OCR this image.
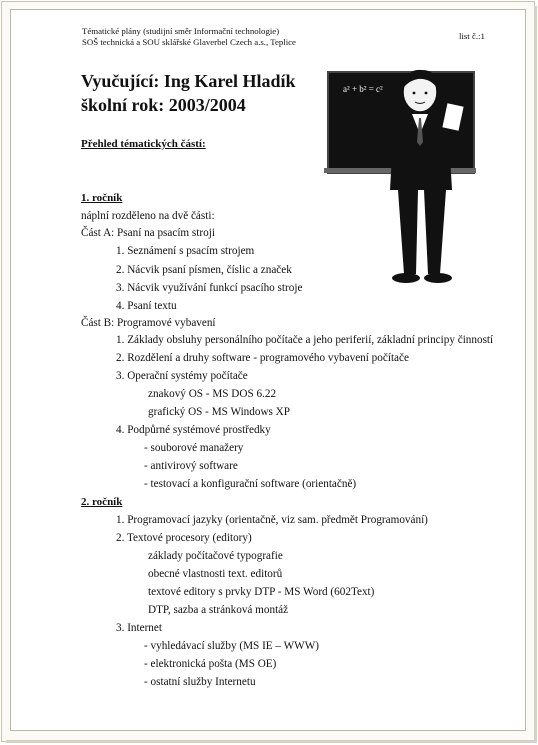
Tématické plány (studijní směr Informační technologie)
SOŠ technická a SOU sklářské Glaverbel Czech a.s., Teplice
list č.:1
Vyučující: Ing Karel Hladík
školní rok: 2003/2004
Přehled tématických částí:
a² + b² = c²
1. ročník
náplní rozděleno na dvě části:
Část A: Psaní na psacím stroji
1. Seznámení s psacím strojem
2. Nácvik psaní písmen, číslic a značek
3. Nácvik využívání funkcí psacího stroje
4. Psaní textu
Část B: Programové vybavení
1. Základy obsluhy personálního počítače a jeho periferií, základní principy činností
2. Rozdělení a druhy software - programového vybavení počítače
3. Operační systémy počítače
znakový OS - MS DOS 6.22
grafický OS - MS Windows XP
4. Podpůrné systémové prostředky
- souborové manažery
- antivirový software
- testovací a konfigurační software (orientačně)
2. ročník
1. Programovací jazyky (orientačně, viz sam. předmět Programování)
2. Textové procesory (editory)
základy počítačové typografie
obecné vlastnosti text. editorů
textové editory s prvky DTP - MS Word (602Text)
DTP, sazba a stránková montáž
3. Internet
- vyhledávací služby (MS IE – WWW)
- elektronická pošta (MS OE)
- ostatní služby Internetu
